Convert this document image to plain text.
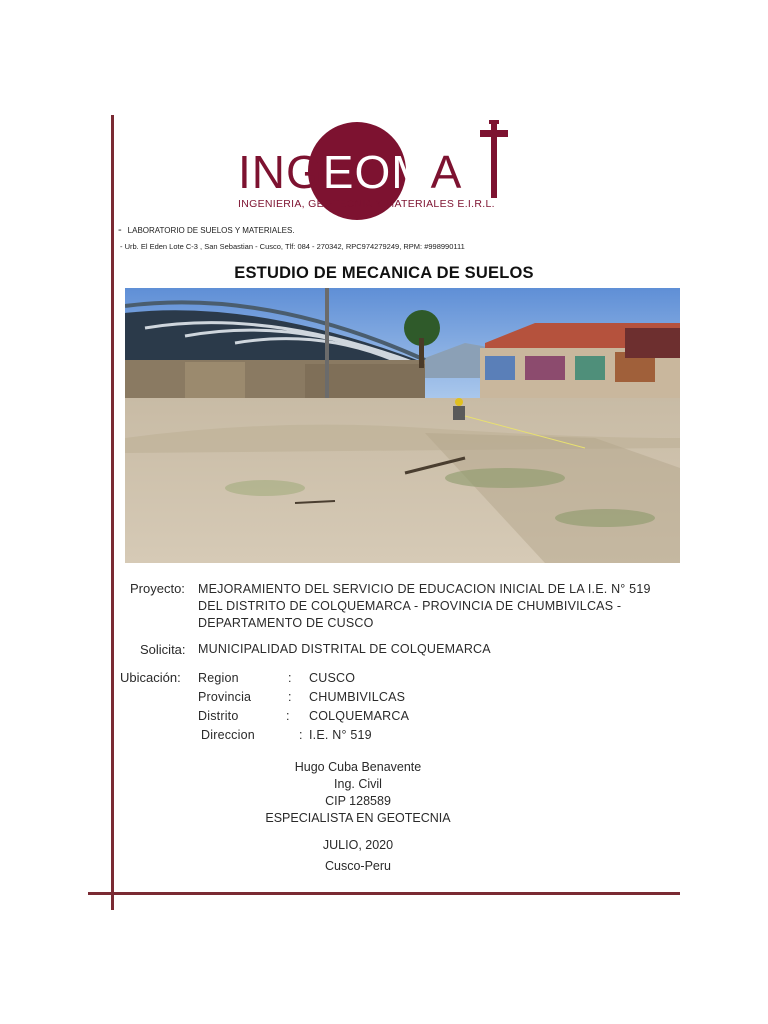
INGEOMA
INGENIERIA, GEOTECNIA Y MATERIALES E.I.R.L.
- LABORATORIO DE SUELOS Y MATERIALES.
- Urb. El Eden Lote C-3 , San Sebastian - Cusco, Tlf: 084 - 270342, RPC974279249, RPM: #998990111
ESTUDIO DE MECANICA DE SUELOS
Proyecto: MEJORAMIENTO DEL SERVICIO DE EDUCACION INICIAL DE LA I.E. N° 519
DEL DISTRITO DE COLQUEMARCA - PROVINCIA DE CHUMBIVILCAS -
DEPARTAMENTO DE CUSCO
Solicita: MUNICIPALIDAD DISTRITAL DE COLQUEMARCA
Ubicación: Region	: CUSCO
Provincia	: CHUMBIVILCAS
Distrito	: COLQUEMARCA
Direccion	: I.E. N° 519
Hugo Cuba Benavente
Ing. Civil
CIP 128589
ESPECIALISTA EN GEOTECNIA
JULIO, 2020
Cusco-Peru
